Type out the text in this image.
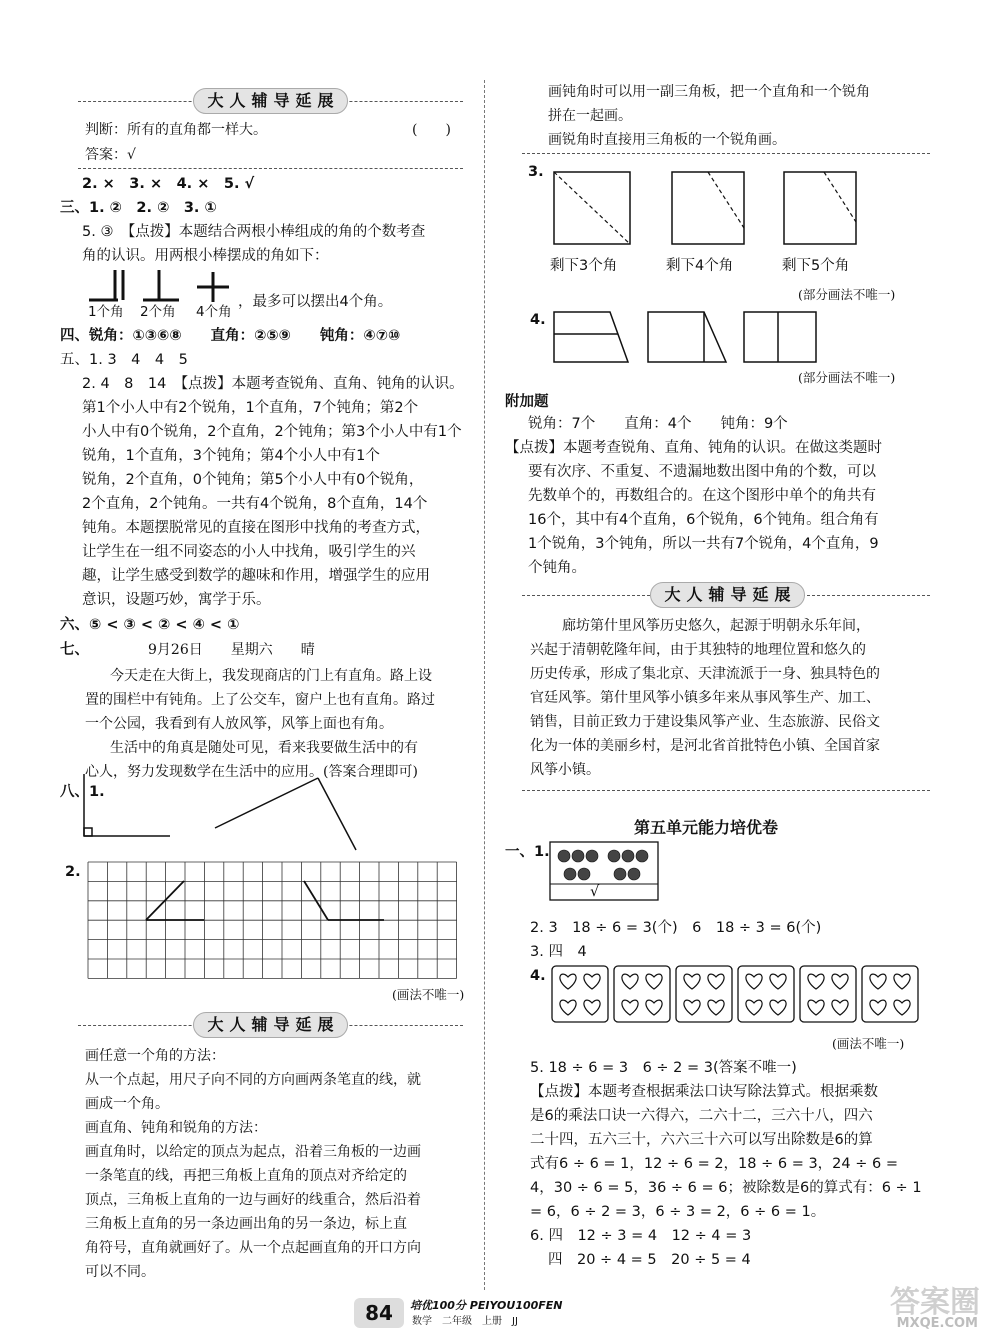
大人辅导延展
判断：所有的直角都一样大。	(　　)
答案：√
2. ×　3. ×　4. ×　5. √
三、1. ②　2. ②　3. ①
5. ③　【点拨】本题结合两根小棒组成的角的个数考查
角的认识。用两根小棒摆成的角如下：
1个角 2个角 4个角
，最多可以摆出4个角。
四、锐角：①③⑥⑧　　直角：②⑤⑨　　钝角：④⑦⑩
五、1. 3　4　4　5
2. 4　8　14　【点拨】本题考查锐角、直角、钝角的认识。
第1个小人中有2个锐角，1个直角，7个钝角；第2个
小人中有0个锐角，2个直角，2个钝角；第3个小人中有1个
锐角，1个直角，3个钝角；第4个小人中有1个
锐角，2个直角，0个钝角；第5个小人中有0个锐角，
2个直角，2个钝角。一共有4个锐角，8个直角，14个
钝角。本题摆脱常见的直接在图形中找角的考查方式，
让学生在一组不同姿态的小人中找角，吸引学生的兴
趣，让学生感受到数学的趣味和作用，增强学生的应用
意识，设题巧妙，寓学于乐。
六、⑤ < ③ < ② < ④ < ①
七、	9月26日　　星期六　　晴
今天走在大街上，我发现商店的门上有直角。路上设
置的围栏中有钝角。上了公交车，窗户上也有直角。路过
一个公园，我看到有人放风筝，风筝上面也有角。
生活中的角真是随处可见，看来我要做生活中的有
心人，努力发现数学在生活中的应用。(答案合理即可)
八、1.
2.
(画法不唯一)
大人辅导延展
画任意一个角的方法：
从一个点起，用尺子向不同的方向画两条笔直的线，就
画成一个角。
画直角、钝角和锐角的方法：
画直角时，以给定的顶点为起点，沿着三角板的一边画
一条笔直的线，再把三角板上直角的顶点对齐给定的
顶点，三角板上直角的一边与画好的线重合，然后沿着
三角板上直角的另一条边画出角的另一条边，标上直
角符号，直角就画好了。从一个点起画直角的开口方向
可以不同。
画钝角时可以用一副三角板，把一个直角和一个锐角
拼在一起画。
画锐角时直接用三角板的一个锐角画。
3.
剩下3个角	剩下4个角	剩下5个角
(部分画法不唯一)
4.
(部分画法不唯一)
附加题
锐角：7个　　直角：4个　　钝角：9个
【点拨】本题考查锐角、直角、钝角的认识。在做这类题时
要有次序、不重复、不遗漏地数出图中角的个数，可以
先数单个的，再数组合的。在这个图形中单个的角共有
16个，其中有4个直角，6个锐角，6个钝角。组合角有
1个锐角，3个钝角，所以一共有7个锐角，4个直角，9
个钝角。
大人辅导延展
廊坊第什里风筝历史悠久，起源于明朝永乐年间，
兴起于清朝乾隆年间，由于其独特的地理位置和悠久的
历史传承，形成了集北京、天津流派于一身、独具特色的
官廷风筝。第什里风筝小镇多年来从事风筝生产、加工、
销售，目前正致力于建设集风筝产业、生态旅游、民俗文
化为一体的美丽乡村，是河北省首批特色小镇、全国首家
风筝小镇。
第五单元能力培优卷
一、1.
√
2. 3　18 ÷ 6 = 3(个)　6　18 ÷ 3 = 6(个)
3. 四　4
4.
(画法不唯一)
5. 18 ÷ 6 = 3　6 ÷ 2 = 3(答案不唯一)
【点拨】本题考查根据乘法口诀写除法算式。根据乘数
是6的乘法口诀一六得六，二六十二，三六十八，四六
二十四，五六三十，六六三十六可以写出除数是6的算
式有6 ÷ 6 = 1，12 ÷ 6 = 2，18 ÷ 6 = 3，24 ÷ 6 =
4，30 ÷ 6 = 5，36 ÷ 6 = 6；被除数是6的算式有：6 ÷ 1
= 6，6 ÷ 2 = 3，6 ÷ 3 = 2，6 ÷ 6 = 1。
6. 四　12 ÷ 3 = 4　12 ÷ 4 = 3
四　20 ÷ 4 = 5　20 ÷ 5 = 4
84	培优100分 PEIYOU100FEN
数学　二年级　上册　JJ
答案圈
MXQE.COM
